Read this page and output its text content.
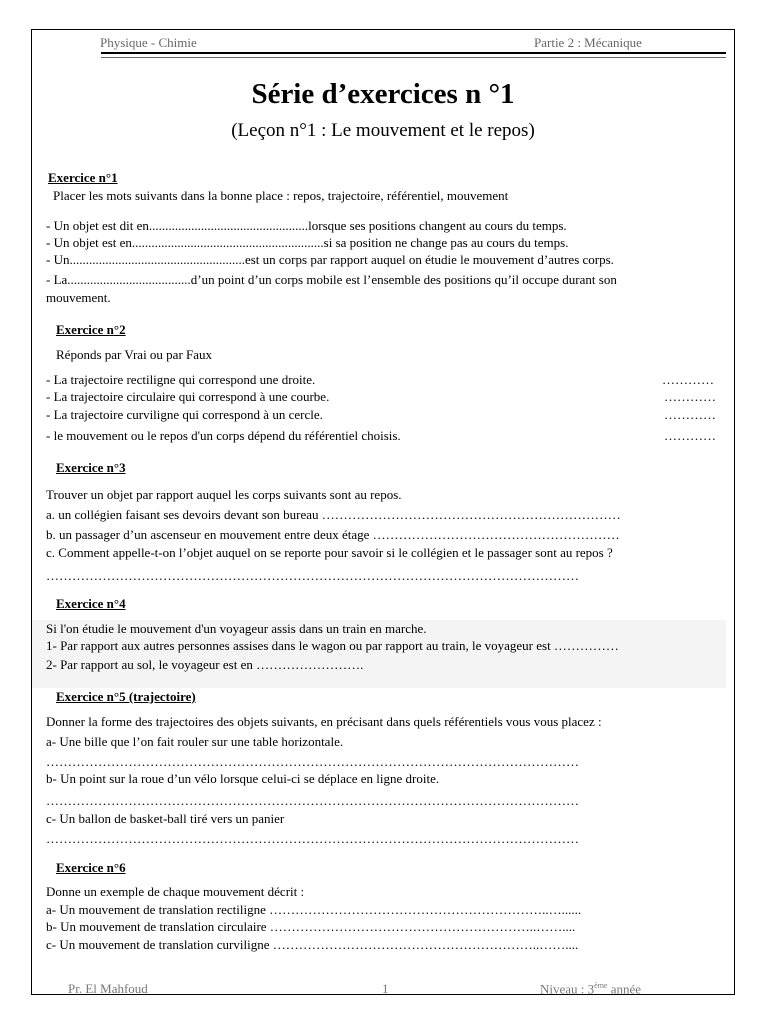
Physique - Chimie	Partie 2 : Mécanique
Série d’exercices n °1
(Leçon n°1 : Le mouvement et le repos)
Exercice n°1
Placer les mots suivants dans la bonne place : repos, trajectoire, référentiel, mouvement
- Un objet est dit en.................................................lorsque ses positions changent au cours du temps.
- Un objet est en...........................................................si sa position ne change pas au cours du temps.
- Un......................................................est un corps par rapport auquel on étudie le mouvement d’autres corps.
- La......................................d’un point d’un corps mobile est l’ensemble des positions qu’il occupe durant son
mouvement.
Exercice n°2
Réponds par Vrai ou par Faux
- La trajectoire rectiligne qui correspond une droite.	…………
- La trajectoire circulaire qui correspond à une courbe.	…………
- La trajectoire curviligne qui correspond à un cercle.	…………
- le mouvement ou le repos d'un corps dépend du référentiel choisis.	…………
Exercice n°3
Trouver un objet par rapport auquel les corps suivants sont au repos.
a. un collégien faisant ses devoirs devant son bureau ……………………………………………………………
b. un passager d’un ascenseur en mouvement entre deux étage …………………………………………………
c. Comment appelle-t-on l’objet auquel on se reporte pour savoir si le collégien et le passager sont au repos ?
……………………………………………………………………………………………………………
Exercice n°4
Si l'on étudie le mouvement d'un voyageur assis dans un train en marche.
1- Par rapport aux autres personnes assises dans le wagon ou par rapport au train, le voyageur est ……………
2- Par rapport au sol, le voyageur est en …………………….
Exercice n°5 (trajectoire)
Donner la forme des trajectoires des objets suivants, en précisant dans quels référentiels vous vous placez :
a- Une bille que l’on fait rouler sur une table horizontale.
……………………………………………………………………………………………………………
b- Un point sur la roue d’un vélo lorsque celui-ci se déplace en ligne droite.
……………………………………………………………………………………………………………
c- Un ballon de basket-ball tiré vers un panier
……………………………………………………………………………………………………………
Exercice n°6
Donne un exemple de chaque mouvement décrit :
a- Un mouvement de translation rectiligne ………………………………………………………..…......
b- Un mouvement de translation circulaire ……………………………………………………..……....
c- Un mouvement de translation curviligne ……………………………………………………..……....
Pr. El Mahfoud	1	Niveau : 3ème année
